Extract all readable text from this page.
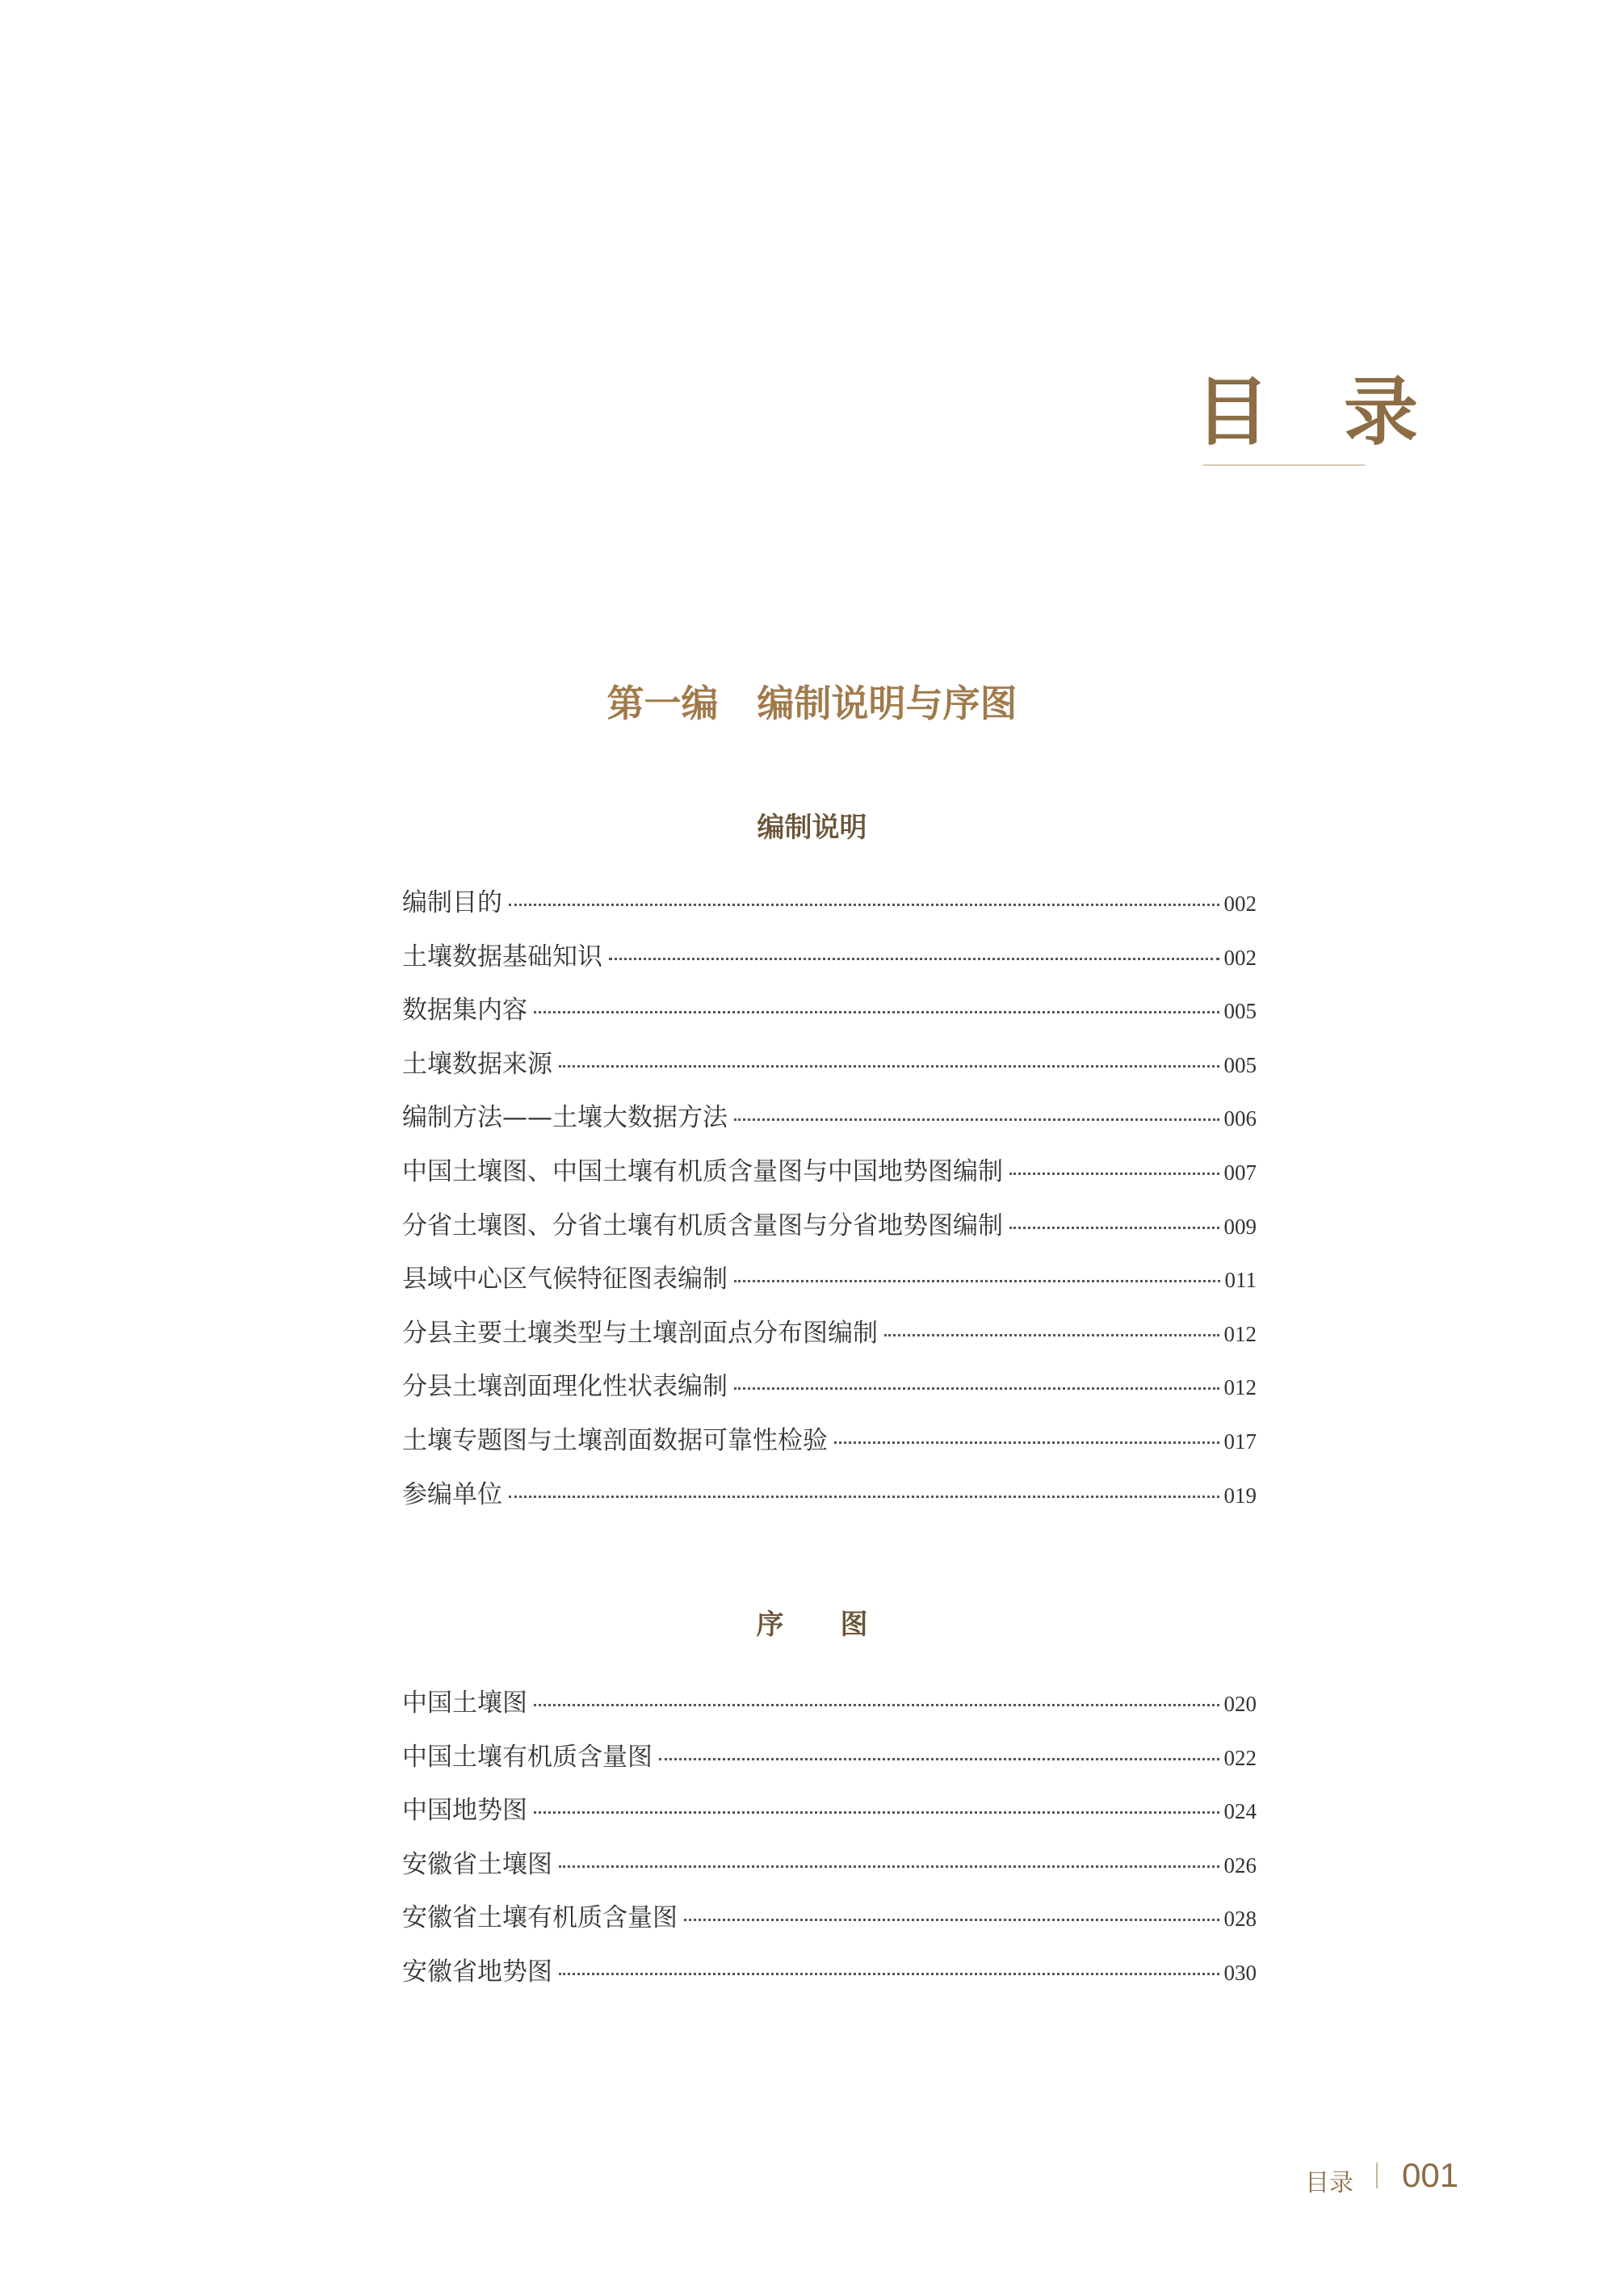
目 录
第一编 编制说明与序图
编制说明
编制目的	002
土壤数据基础知识	002
数据集内容	005
土壤数据来源	005
编制方法——土壤大数据方法	006
中国土壤图、中国土壤有机质含量图与中国地势图编制	007
分省土壤图、分省土壤有机质含量图与分省地势图编制	009
县域中心区气候特征图表编制	011
分县主要土壤类型与土壤剖面点分布图编制	012
分县土壤剖面理化性状表编制	012
土壤专题图与土壤剖面数据可靠性检验	017
参编单位	019
序图
中国土壤图	020
中国土壤有机质含量图	022
中国地势图	024
安徽省土壤图	026
安徽省土壤有机质含量图	028
安徽省地势图	030
目录 001
